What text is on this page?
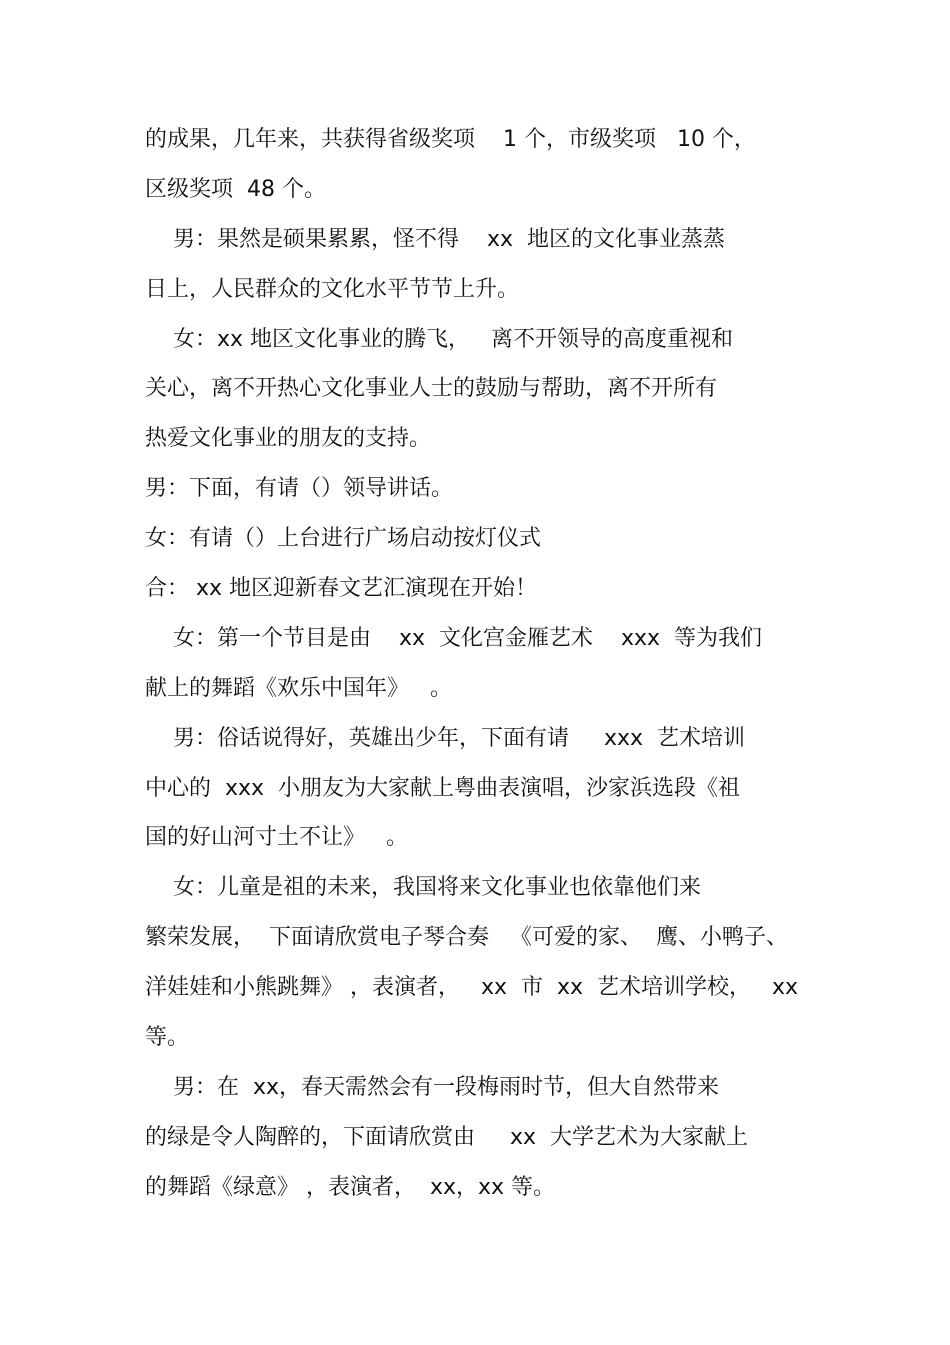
的成果，几年来，共获得省级奖项    1 个，市级奖项   10 个，
区级奖项  48 个。
男：果然是硕果累累，怪不得    xx  地区的文化事业蒸蒸
日上，人民群众的文化水平节节上升。
女：xx 地区文化事业的腾飞，   离不开领导的高度重视和
关心，离不开热心文化事业人士的鼓励与帮助，离不开所有
热爱文化事业的朋友的支持。
男：下面，有请（）领导讲话。
女：有请（）上台进行广场启动按灯仪式
合： xx 地区迎新春文艺汇演现在开始！
女：第一个节目是由    xx  文化宫金雁艺术    xxx  等为我们
献上的舞蹈《欢乐中国年》   。
男：俗话说得好，英雄出少年，下面有请     xxx  艺术培训
中心的  xxx  小朋友为大家献上粤曲表演唱，沙家浜选段《祖
国的好山河寸土不让》   。
女：儿童是祖的未来，我国将来文化事业也依靠他们来
繁荣发展，  下面请欣赏电子琴合奏   《可爱的家、  鹰、小鸭子、
洋娃娃和小熊跳舞》 ，表演者，   xx  市  xx  艺术培训学校，   xx
等。
男：在  xx，春天需然会有一段梅雨时节，但大自然带来
的绿是令人陶醉的，下面请欣赏由     xx  大学艺术为大家献上
的舞蹈《绿意》 ，表演者，  xx，xx 等。
